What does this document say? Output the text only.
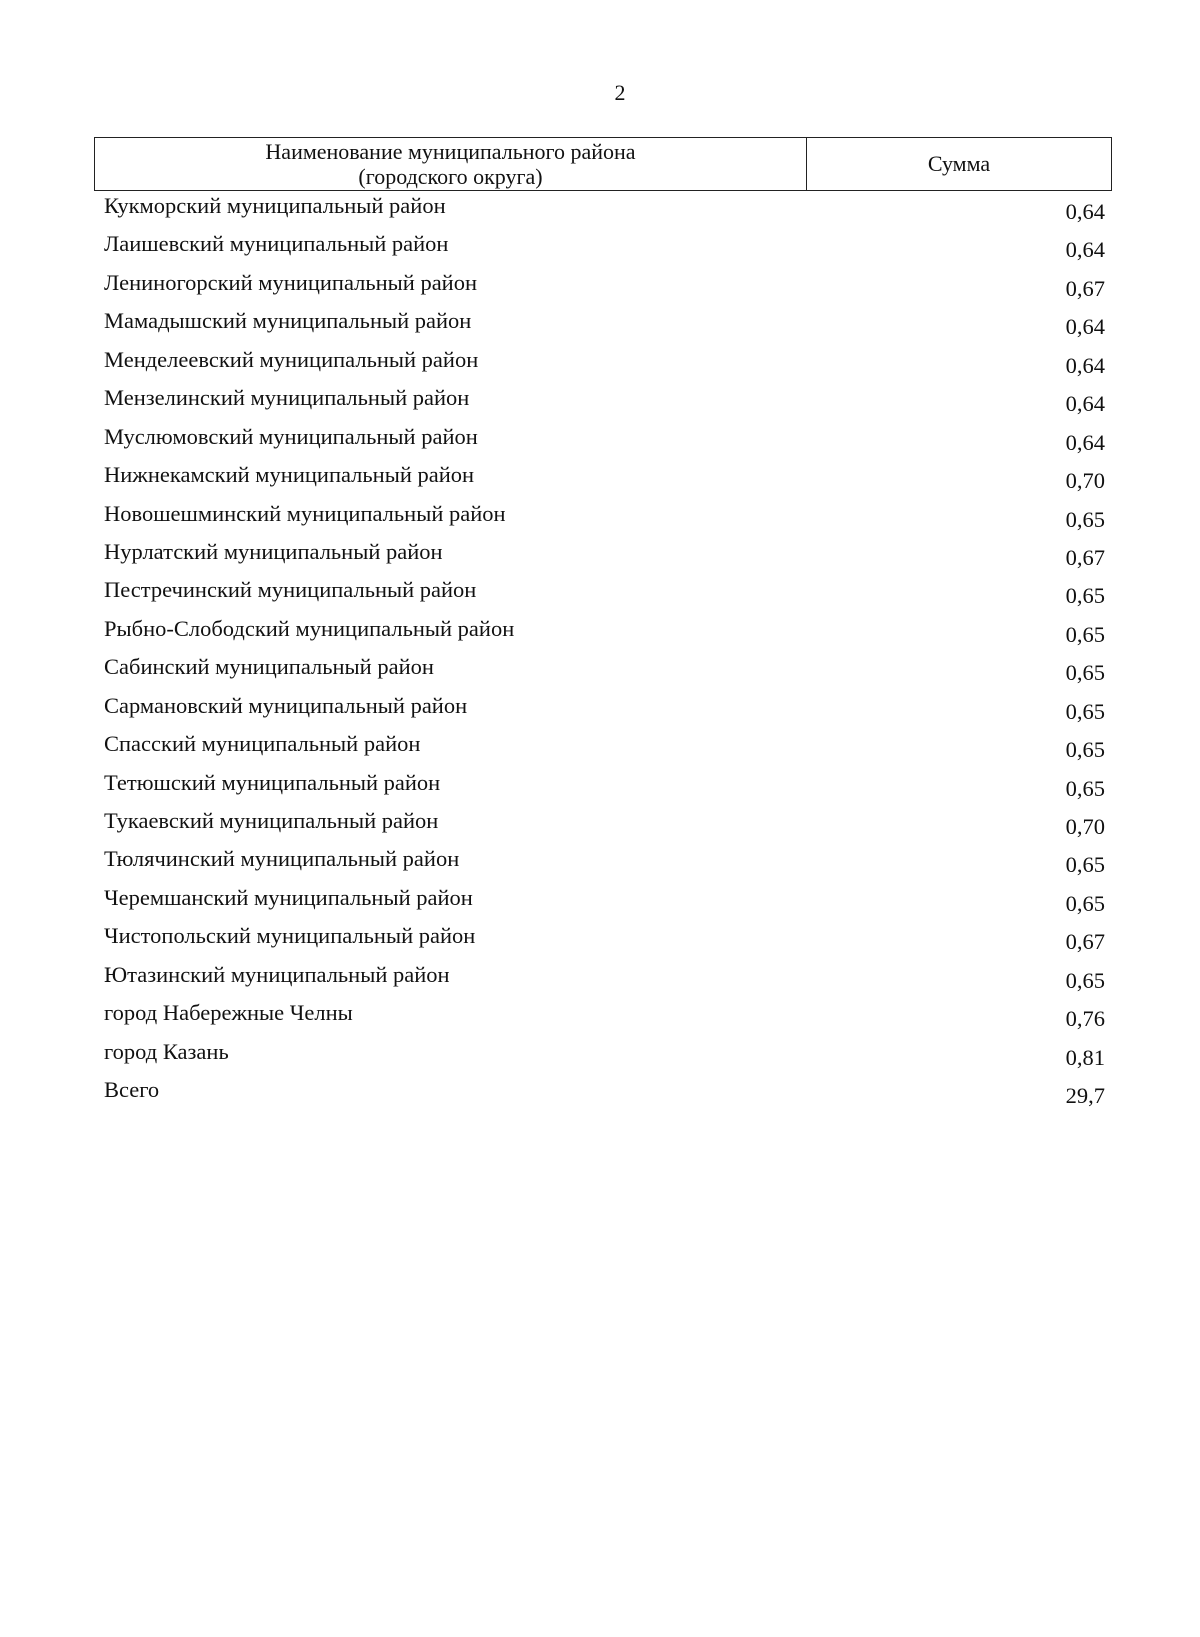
2
Наименование муниципального района
(городского округа)
Сумма
Кукморский муниципальный район	0,64
Лаишевский муниципальный район	0,64
Лениногорский муниципальный район	0,67
Мамадышский муниципальный район	0,64
Менделеевский муниципальный район	0,64
Мензелинский муниципальный район	0,64
Муслюмовский муниципальный район	0,64
Нижнекамский муниципальный район	0,70
Новошешминский муниципальный район	0,65
Нурлатский муниципальный район	0,67
Пестречинский муниципальный район	0,65
Рыбно-Слободский муниципальный район	0,65
Сабинский муниципальный район	0,65
Сармановский муниципальный район	0,65
Спасский муниципальный район	0,65
Тетюшский муниципальный район	0,65
Тукаевский муниципальный район	0,70
Тюлячинский муниципальный район	0,65
Черемшанский муниципальный район	0,65
Чистопольский муниципальный район	0,67
Ютазинский муниципальный район	0,65
город Набережные Челны	0,76
город Казань	0,81
Всего	29,7
